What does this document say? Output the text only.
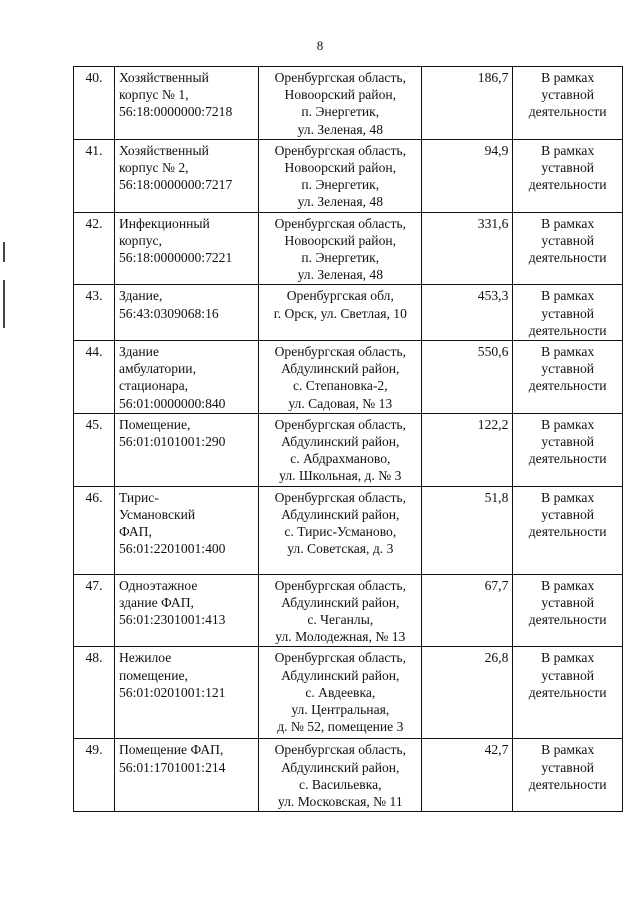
8
40.	Хозяйственный
корпус № 1,
56:18:0000000:7218	Оренбургская область,
Новоорский район,
п. Энергетик,
ул. Зеленая, 48	186,7	В рамках
уставной
деятельности

41.	Хозяйственный
корпус № 2,
56:18:0000000:7217	Оренбургская область,
Новоорский район,
п. Энергетик,
ул. Зеленая, 48	94,9	В рамках
уставной
деятельности

42.	Инфекционный
корпус,
56:18:0000000:7221	Оренбургская область,
Новоорский район,
п. Энергетик,
ул. Зеленая, 48	331,6	В рамках
уставной
деятельности

43.	Здание,
56:43:0309068:16	Оренбургская обл,
г. Орск, ул. Светлая, 10	453,3	В рамках
уставной
деятельности

44.	Здание
амбулатории,
стационара,
56:01:0000000:840	Оренбургская область,
Абдулинский район,
с. Степановка-2,
ул. Садовая, № 13	550,6	В рамках
уставной
деятельности

45.	Помещение,
56:01:0101001:290	Оренбургская область,
Абдулинский район,
с. Абдрахманово,
ул. Школьная, д. № 3	122,2	В рамках
уставной
деятельности

46.	Тирис-
Усмановский
ФАП,
56:01:2201001:400	Оренбургская область,
Абдулинский район,
с. Тирис-Усманово,
ул. Советская, д. 3	51,8	В рамках
уставной
деятельности

47.	Одноэтажное
здание ФАП,
56:01:2301001:413	Оренбургская область,
Абдулинский район,
с. Чеганлы,
ул. Молодежная, № 13	67,7	В рамках
уставной
деятельности

48.	Нежилое
помещение,
56:01:0201001:121	Оренбургская область,
Абдулинский район,
с. Авдеевка,
ул. Центральная,
д. № 52, помещение 3	26,8	В рамках
уставной
деятельности

49.	Помещение ФАП,
56:01:1701001:214	Оренбургская область,
Абдулинский район,
с. Васильевка,
ул. Московская, № 11	42,7	В рамках
уставной
деятельности
